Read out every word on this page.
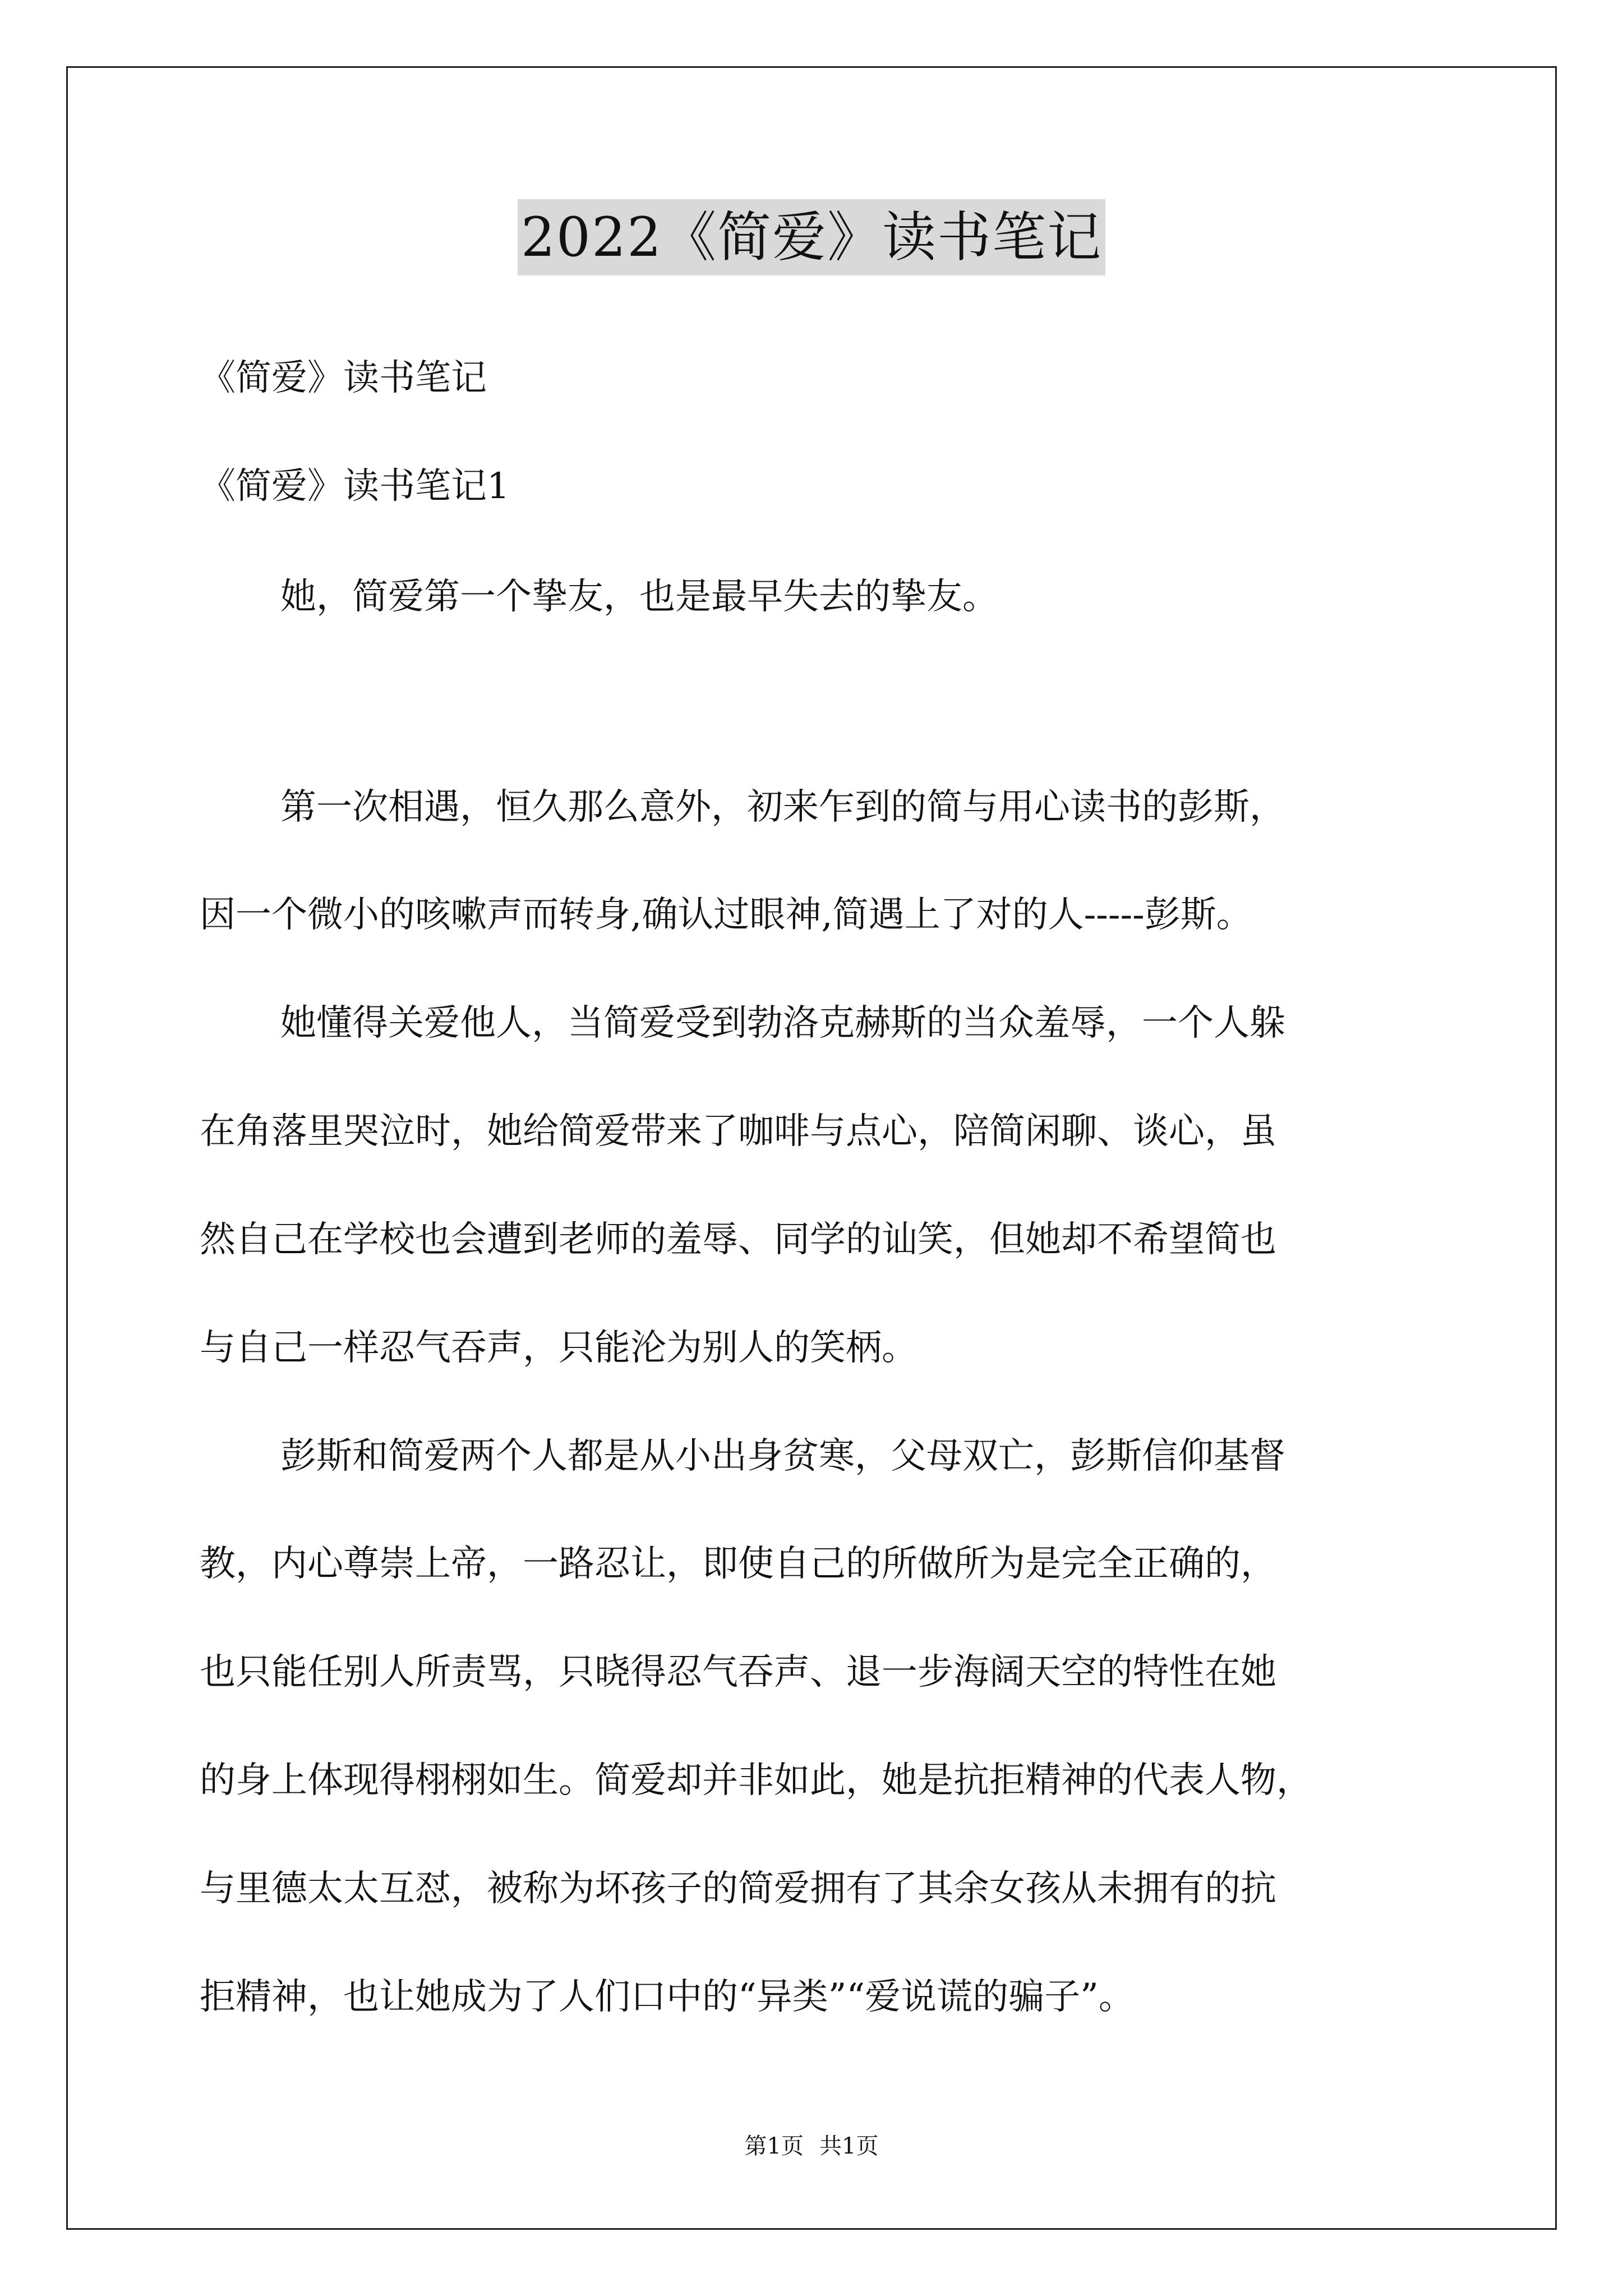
2022《简爱》读书笔记
《简爱》读书笔记
《简爱》读书笔记1
她，简爱第一个挚友，也是最早失去的挚友。
第一次相遇，恒久那么意外，初来乍到的简与用心读书的彭斯，
因一个微小的咳嗽声而转身,确认过眼神,简遇上了对的人-----彭斯。
她懂得关爱他人，当简爱受到勃洛克赫斯的当众羞辱，一个人躲
在角落里哭泣时，她给简爱带来了咖啡与点心，陪简闲聊、谈心，虽
然自己在学校也会遭到老师的羞辱、同学的讪笑，但她却不希望简也
与自己一样忍气吞声，只能沦为别人的笑柄。
彭斯和简爱两个人都是从小出身贫寒，父母双亡，彭斯信仰基督
教，内心尊崇上帝，一路忍让，即使自己的所做所为是完全正确的，
也只能任别人所责骂，只晓得忍气吞声、退一步海阔天空的特性在她
的身上体现得栩栩如生。简爱却并非如此，她是抗拒精神的代表人物，
与里德太太互怼，被称为坏孩子的简爱拥有了其余女孩从未拥有的抗
拒精神，也让她成为了人们口中的“异类”“爱说谎的骗子”。
第1页 共1页
